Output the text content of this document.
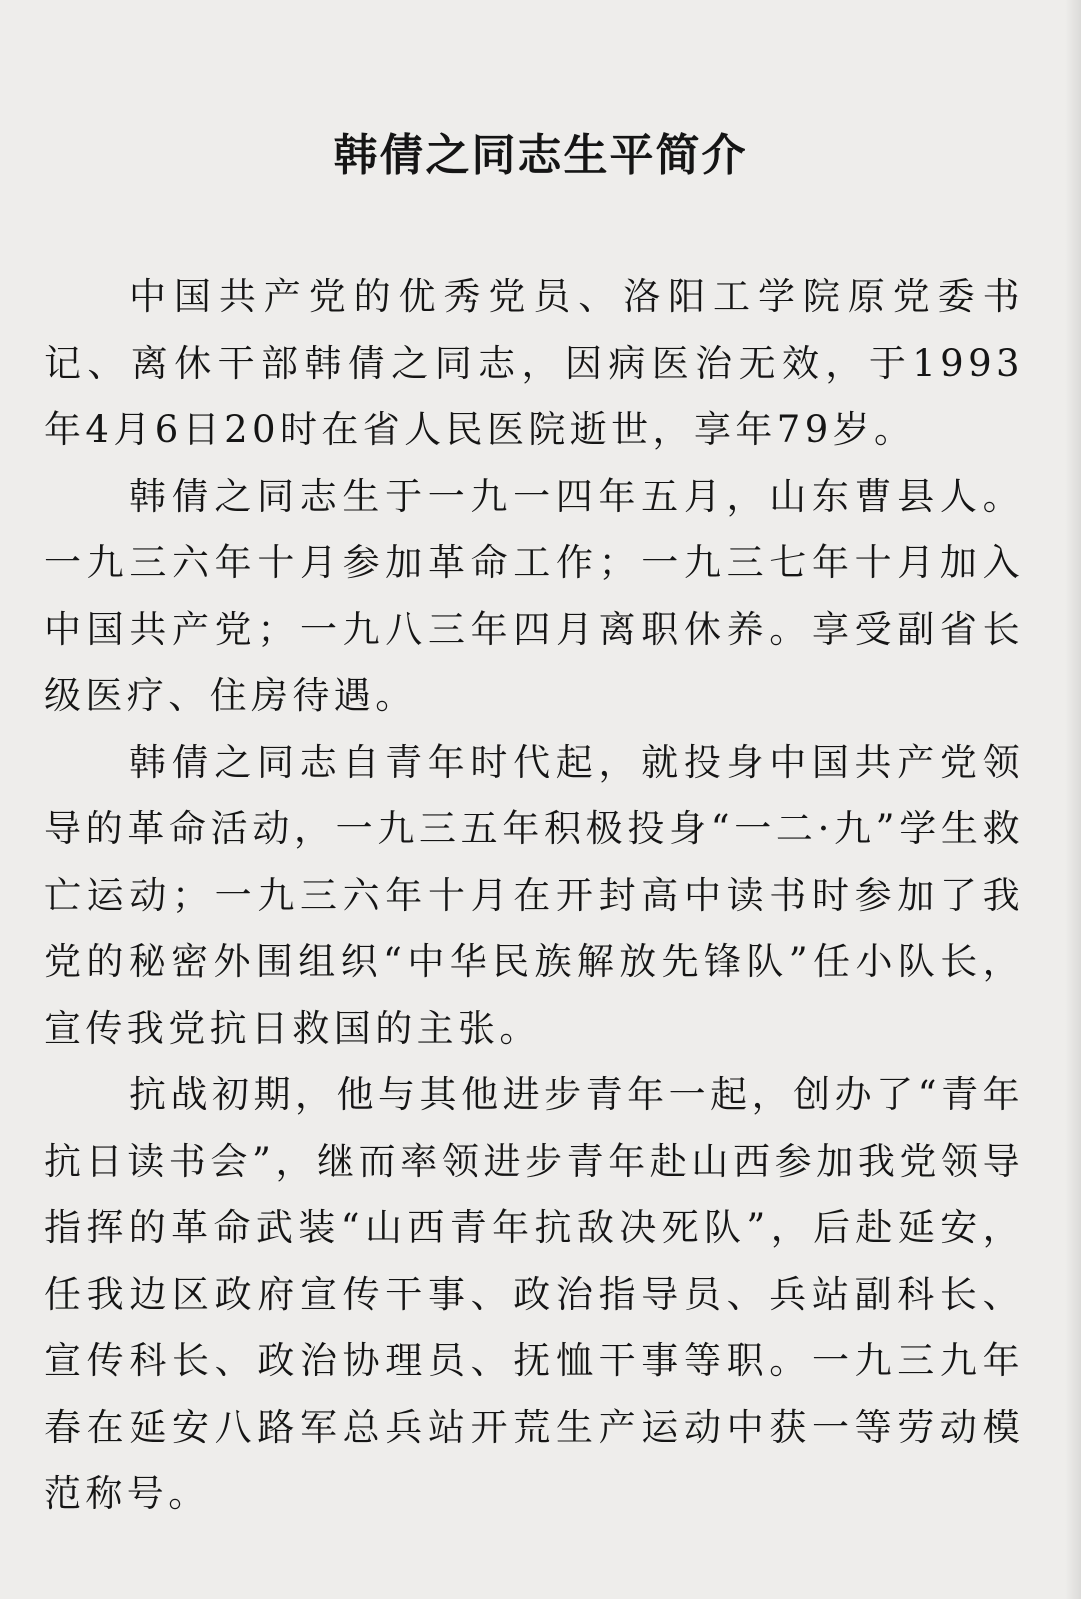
韩倩之同志生平简介

中国共产党的优秀党员、洛阳工学院原党委书记、离休干部韩倩之同志，因病医治无效，于1993年4月6日20时在省人民医院逝世，享年79岁。

韩倩之同志生于一九一四年五月，山东曹县人。一九三六年十月参加革命工作；一九三七年十月加入中国共产党；一九八三年四月离职休养。享受副省长级医疗、住房待遇。

韩倩之同志自青年时代起，就投身中国共产党领导的革命活动，一九三五年积极投身“一二·九”学生救亡运动；一九三六年十月在开封高中读书时参加了我党的秘密外围组织“中华民族解放先锋队”任小队长，宣传我党抗日救国的主张。

抗战初期，他与其他进步青年一起，创办了“青年抗日读书会”，继而率领进步青年赴山西参加我党领导指挥的革命武装“山西青年抗敌决死队”，后赴延安，任我边区政府宣传干事、政治指导员、兵站副科长、宣传科长、政治协理员、抚恤干事等职。一九三九年春在延安八路军总兵站开荒生产运动中获一等劳动模范称号。
